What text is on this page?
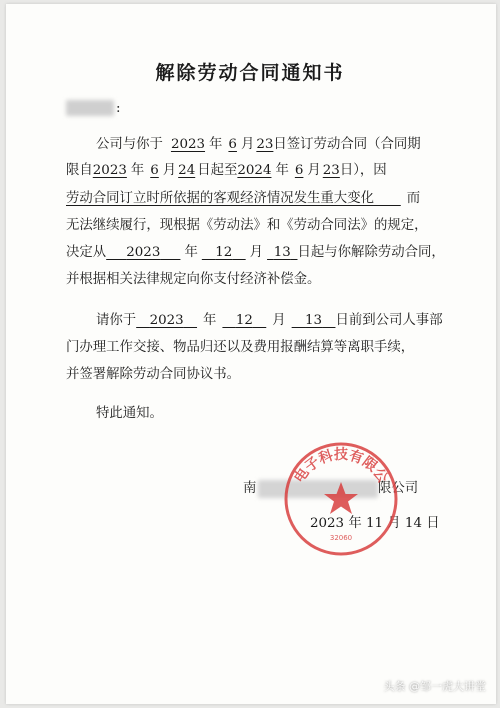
解除劳动合同通知书
:
公司与你于 2023 年 6 月 23日签订劳动合同（合同期
限自2023 年 6 月 24 日起至2024 年 6 月 23日），因
劳动合同订立时所依据的客观经济情况发生重大变化   而
无法继续履行，现根据《劳动法》和《劳动合同法》的规定，
决定从    2023    年   12   月  13  日起与你解除劳动合同，
并根据相关法律规定向你支付经济补偿金。
请你于   2023   年   12   月   13   日前到公司人事部
门办理工作交接、物品归还以及费用报酬结算等离职手续，
并签署解除劳动合同协议书。
特此通知。
南	限公司
2023 年 11 月 14 日
电子科技有限公
32060
头条 @邹一虎大讲堂
